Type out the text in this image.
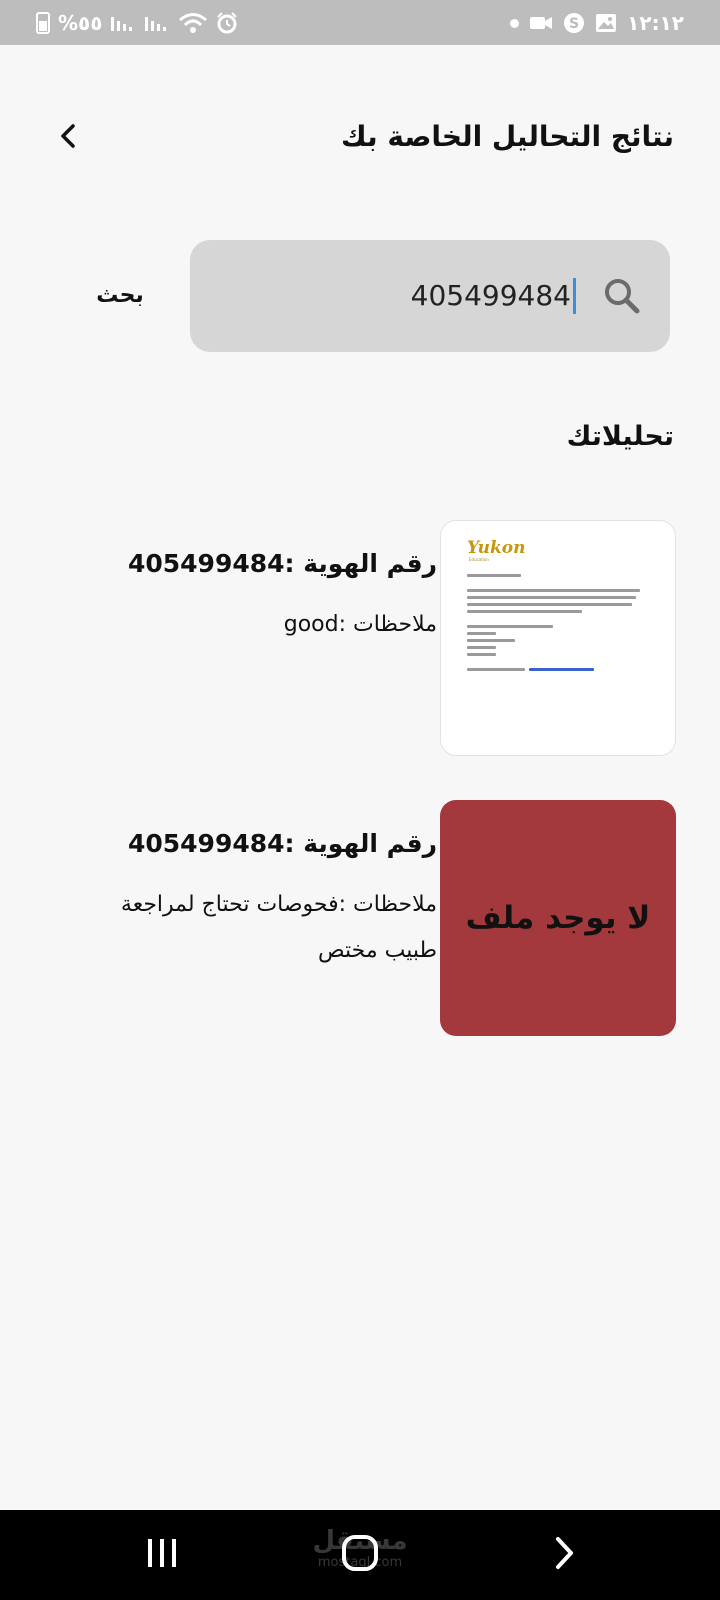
%٥٥	S ١٢:١٢
نتائج التحاليل الخاصة بك
405499484
بحث
تحليلاتك
Yukon
Education
رقم الهوية :405499484
ملاحظات :good
لا يوجد ملف
رقم الهوية :405499484
ملاحظات :فحوصات تحتاج لمراجعة طبيب مختص
مستقل
mostaql.com
